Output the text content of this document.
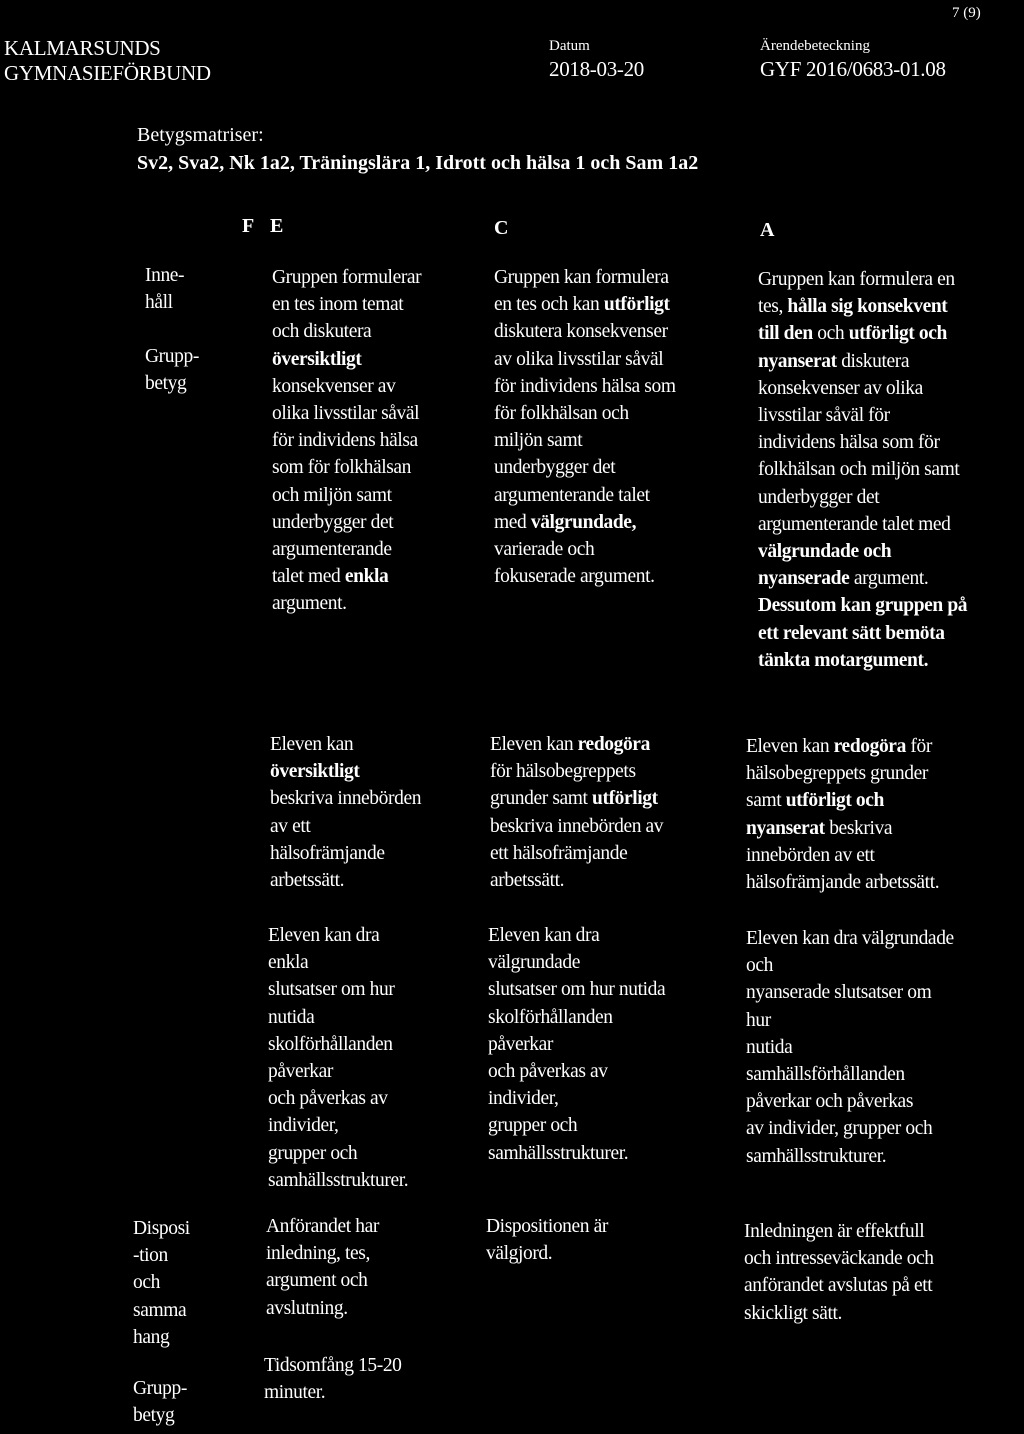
7 (9)
KALMARSUNDS
GYMNASIEFÖRBUND
Datum
2018-03-20
Ärendebeteckning
GYF 2016/0683-01.08
Betygsmatriser:
Sv2, Sva2, Nk 1a2, Träningslära 1, Idrott och hälsa 1 och Sam 1a2
F E	C	A
Inne-
håll
Grupp-
betyg
Gruppen formulerar
en tes inom temat
och diskutera
översiktligt
konsekvenser av
olika livsstilar såväl
för individens hälsa
som för folkhälsan
och miljön samt
underbygger det
argumenterande
talet med enkla
argument.
Gruppen kan formulera
en tes och kan utförligt
diskutera konsekvenser
av olika livsstilar såväl
för individens hälsa som
för folkhälsan och
miljön samt
underbygger det
argumenterande talet
med välgrundade,
varierade och
fokuserade argument.
Gruppen kan formulera en
tes, hålla sig konsekvent
till den och utförligt och
nyanserat diskutera
konsekvenser av olika
livsstilar såväl för
individens hälsa som för
folkhälsan och miljön samt
underbygger det
argumenterande talet med
välgrundade och
nyanserade argument.
Dessutom kan gruppen på
ett relevant sätt bemöta
tänkta motargument.
Eleven kan
översiktligt
beskriva innebörden
av ett
hälsofrämjande
arbetssätt.
Eleven kan redogöra
för hälsobegreppets
grunder samt utförligt
beskriva innebörden av
ett hälsofrämjande
arbetssätt.
Eleven kan redogöra för
hälsobegreppets grunder
samt utförligt och
nyanserat beskriva
innebörden av ett
hälsofrämjande arbetssätt.
Eleven kan dra
enkla
slutsatser om hur
nutida
skolförhållanden
påverkar
och påverkas av
individer,
grupper och
samhällsstrukturer.
Eleven kan dra
välgrundade
slutsatser om hur nutida
skolförhållanden
påverkar
och påverkas av
individer,
grupper och
samhällsstrukturer.
Eleven kan dra välgrundade
och
nyanserade slutsatser om
hur
nutida
samhällsförhållanden
påverkar och påverkas
av individer, grupper och
samhällsstrukturer.
Disposi
-tion
och
samma
hang
Grupp-
betyg
Anförandet har
inledning, tes,
argument och
avslutning.
Tidsomfång 15-20
minuter.
Dispositionen är
välgjord.
Inledningen är effektfull
och intresseväckande och
anförandet avslutas på ett
skickligt sätt.
